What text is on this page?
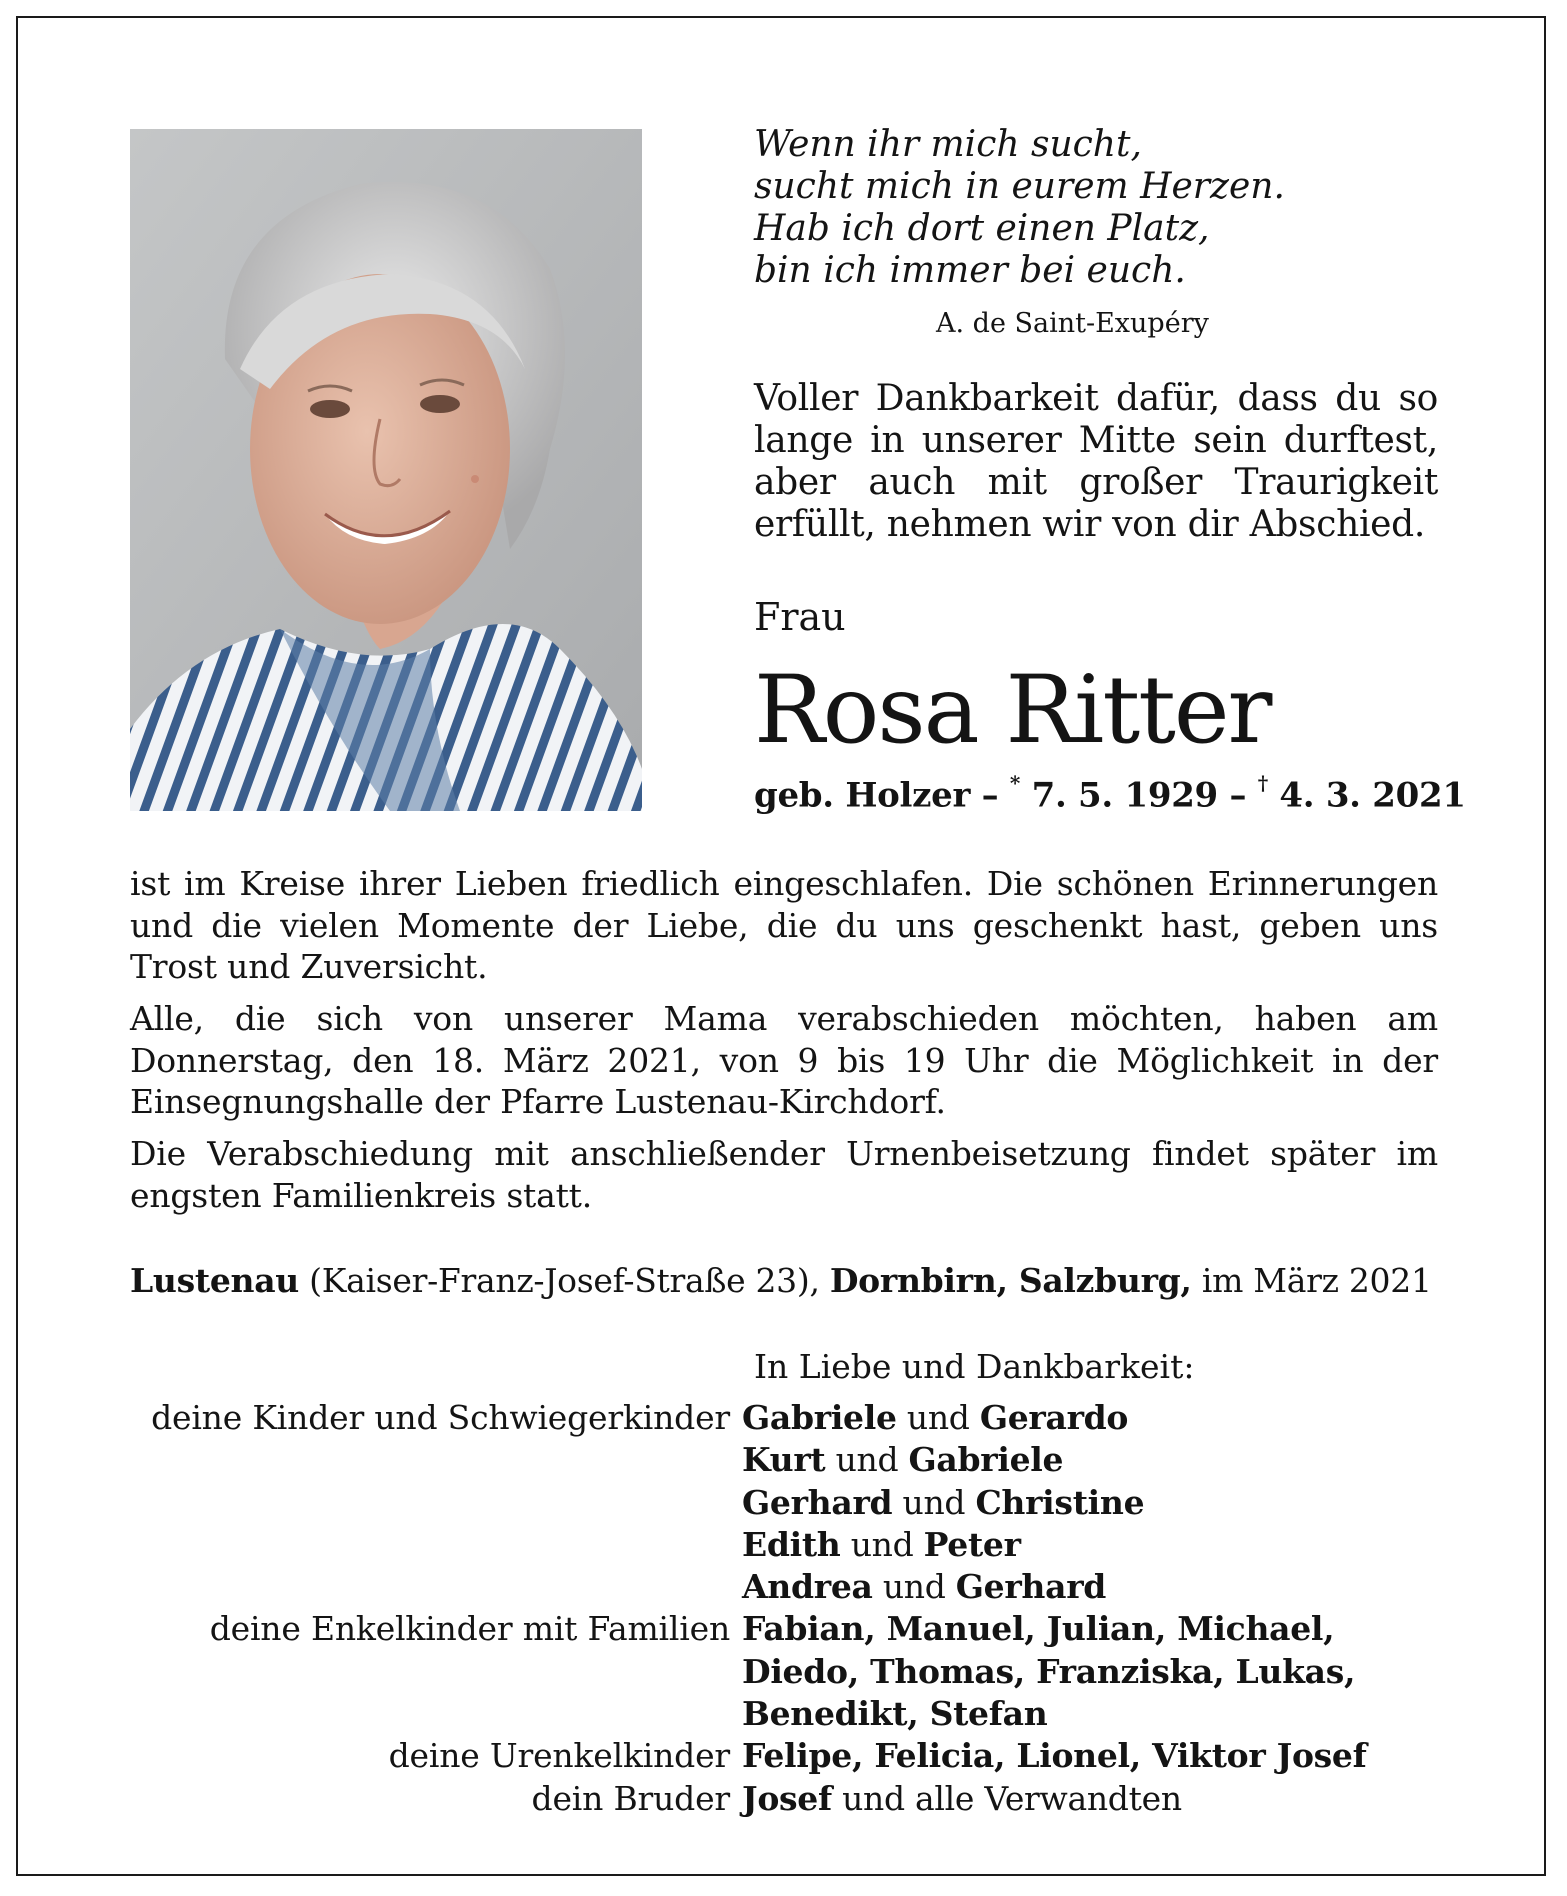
Wenn ihr mich sucht,
sucht mich in eurem Herzen.
Hab ich dort einen Platz,
bin ich immer bei euch.
A. de Saint-Exupéry
Voller Dankbarkeit dafür, dass du so lange in unserer Mitte sein durftest, aber auch mit großer Traurigkeit erfüllt, nehmen wir von dir Abschied.
Frau
Rosa Ritter
geb. Holzer – * 7. 5. 1929 – † 4. 3. 2021
ist im Kreise ihrer Lieben friedlich eingeschlafen. Die schönen Erinnerungen und die vielen Momente der Liebe, die du uns geschenkt hast, geben uns Trost und Zuversicht.
Alle, die sich von unserer Mama verabschieden möchten, haben am Donnerstag, den 18. März 2021, von 9 bis 19 Uhr die Möglichkeit in der Einsegnungshalle der Pfarre Lustenau-Kirchdorf.
Die Verabschiedung mit anschließender Urnenbeisetzung findet später im engsten Familienkreis statt.
Lustenau (Kaiser-Franz-Josef-Straße 23), Dornbirn, Salzburg, im März 2021
In Liebe und Dankbarkeit:
deine Kinder und Schwiegerkinder Gabriele und Gerardo
Kurt und Gabriele
Gerhard und Christine
Edith und Peter
Andrea und Gerhard
deine Enkelkinder mit Familien Fabian, Manuel, Julian, Michael,
Diedo, Thomas, Franziska, Lukas,
Benedikt, Stefan
deine Urenkelkinder Felipe, Felicia, Lionel, Viktor Josef
dein Bruder Josef und alle Verwandten
